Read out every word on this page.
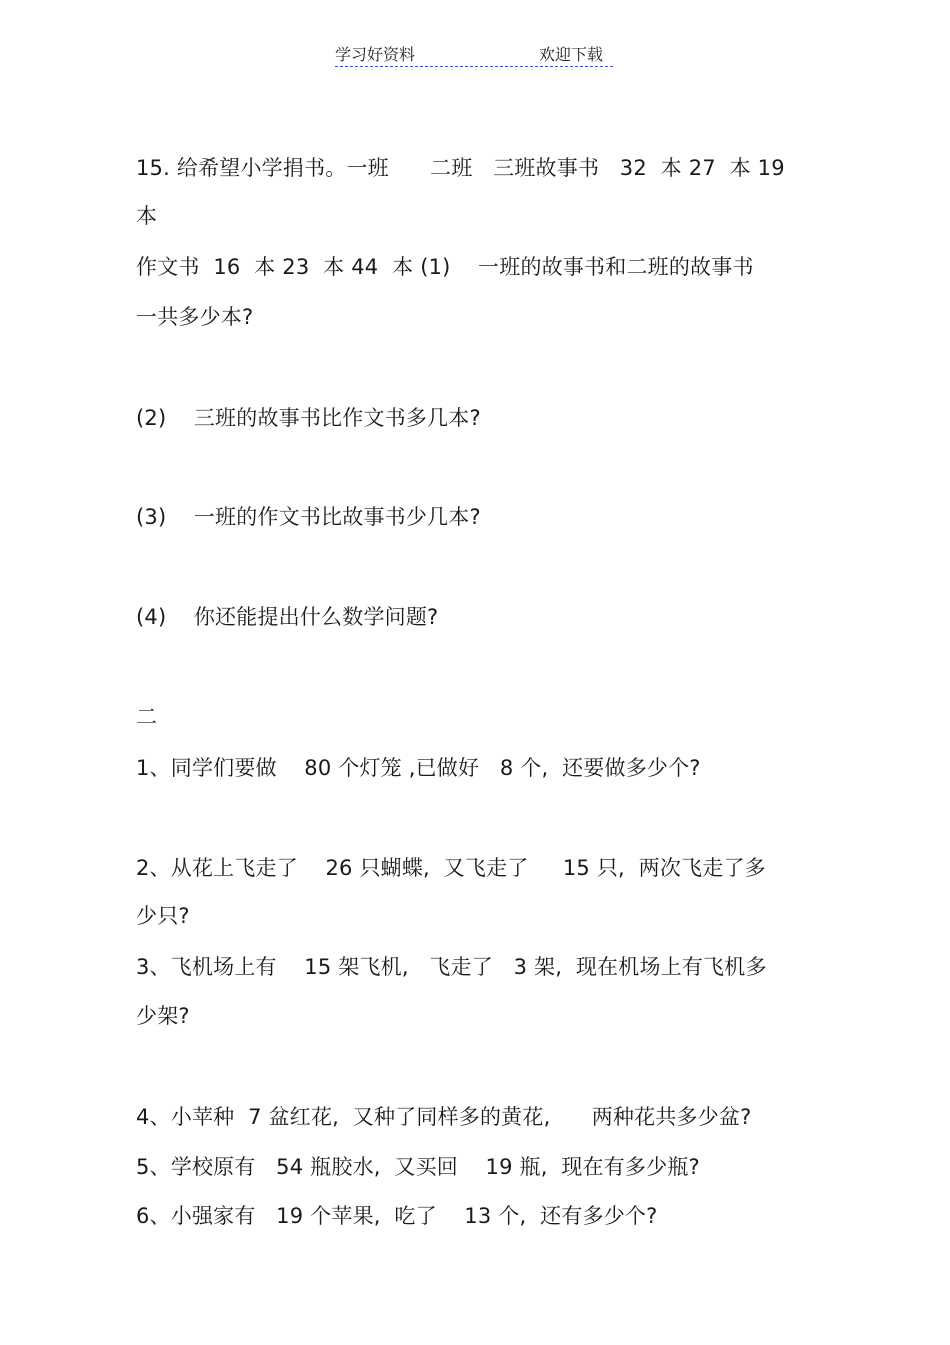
学习好资料	欢迎下载
15. 给希望小学捐书。一班      二班   三班故事书   32  本 27  本 19
本
作文书  16  本 23  本 44  本 (1)    一班的故事书和二班的故事书
一共多少本?
(2)    三班的故事书比作文书多几本?
(3)    一班的作文书比故事书少几本?
(4)    你还能提出什么数学问题?
二
1、同学们要做    80 个灯笼 ,已做好   8 个,  还要做多少个?
2、从花上飞走了    26 只蝴蝶,  又飞走了     15 只,  两次飞走了多
少只?
3、飞机场上有    15 架飞机,   飞走了   3 架,  现在机场上有飞机多
少架?
4、小苹种  7 盆红花,  又种了同样多的黄花,      两种花共多少盆?
5、学校原有   54 瓶胶水,  又买回    19 瓶,  现在有多少瓶?
6、小强家有   19 个苹果,  吃了    13 个,  还有多少个?
